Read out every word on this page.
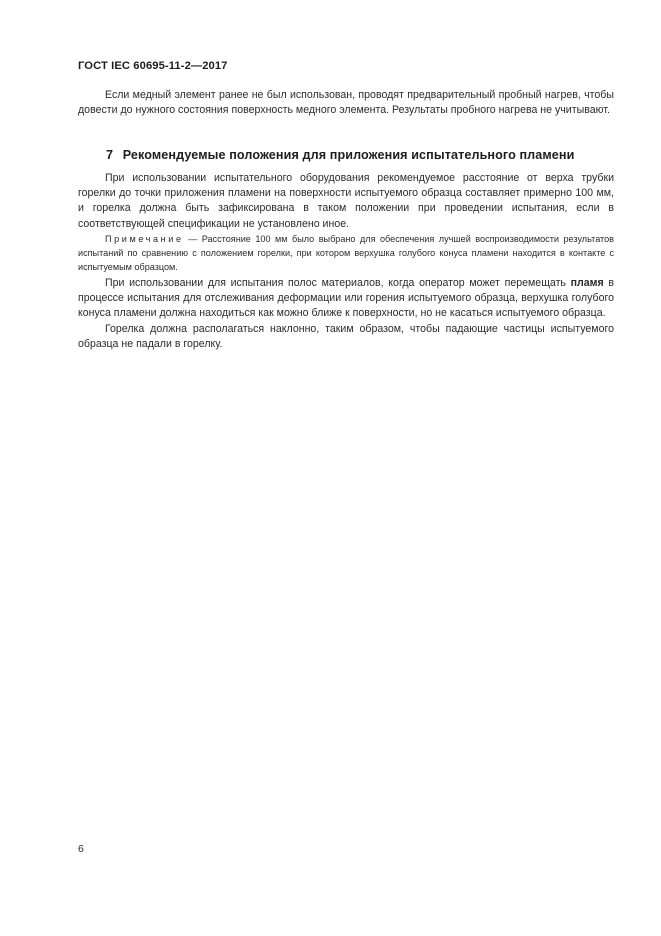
ГОСТ IEC 60695-11-2—2017

Если медный элемент ранее не был использован, проводят предварительный пробный нагрев, чтобы довести до нужного состояния поверхность медного элемента. Результаты пробного нагрева не учитывают.

7 Рекомендуемые положения для приложения испытательного пламени

При использовании испытательного оборудования рекомендуемое расстояние от верха трубки горелки до точки приложения пламени на поверхности испытуемого образца составляет примерно 100 мм, и горелка должна быть зафиксирована в таком положении при проведении испытания, если в соответствующей спецификации не установлено иное.

Примечание — Расстояние 100 мм было выбрано для обеспечения лучшей воспроизводимости результатов испытаний по сравнению с положением горелки, при котором верхушка голубого конуса пламени находится в контакте с испытуемым образцом.

При использовании для испытания полос материалов, когда оператор может перемещать пламя в процессе испытания для отслеживания деформации или горения испытуемого образца, верхушка голубого конуса пламени должна находиться как можно ближе к поверхности, но не касаться испытуемого образца.

Горелка должна располагаться наклонно, таким образом, чтобы падающие частицы испытуемого образца не падали в горелку.

6
